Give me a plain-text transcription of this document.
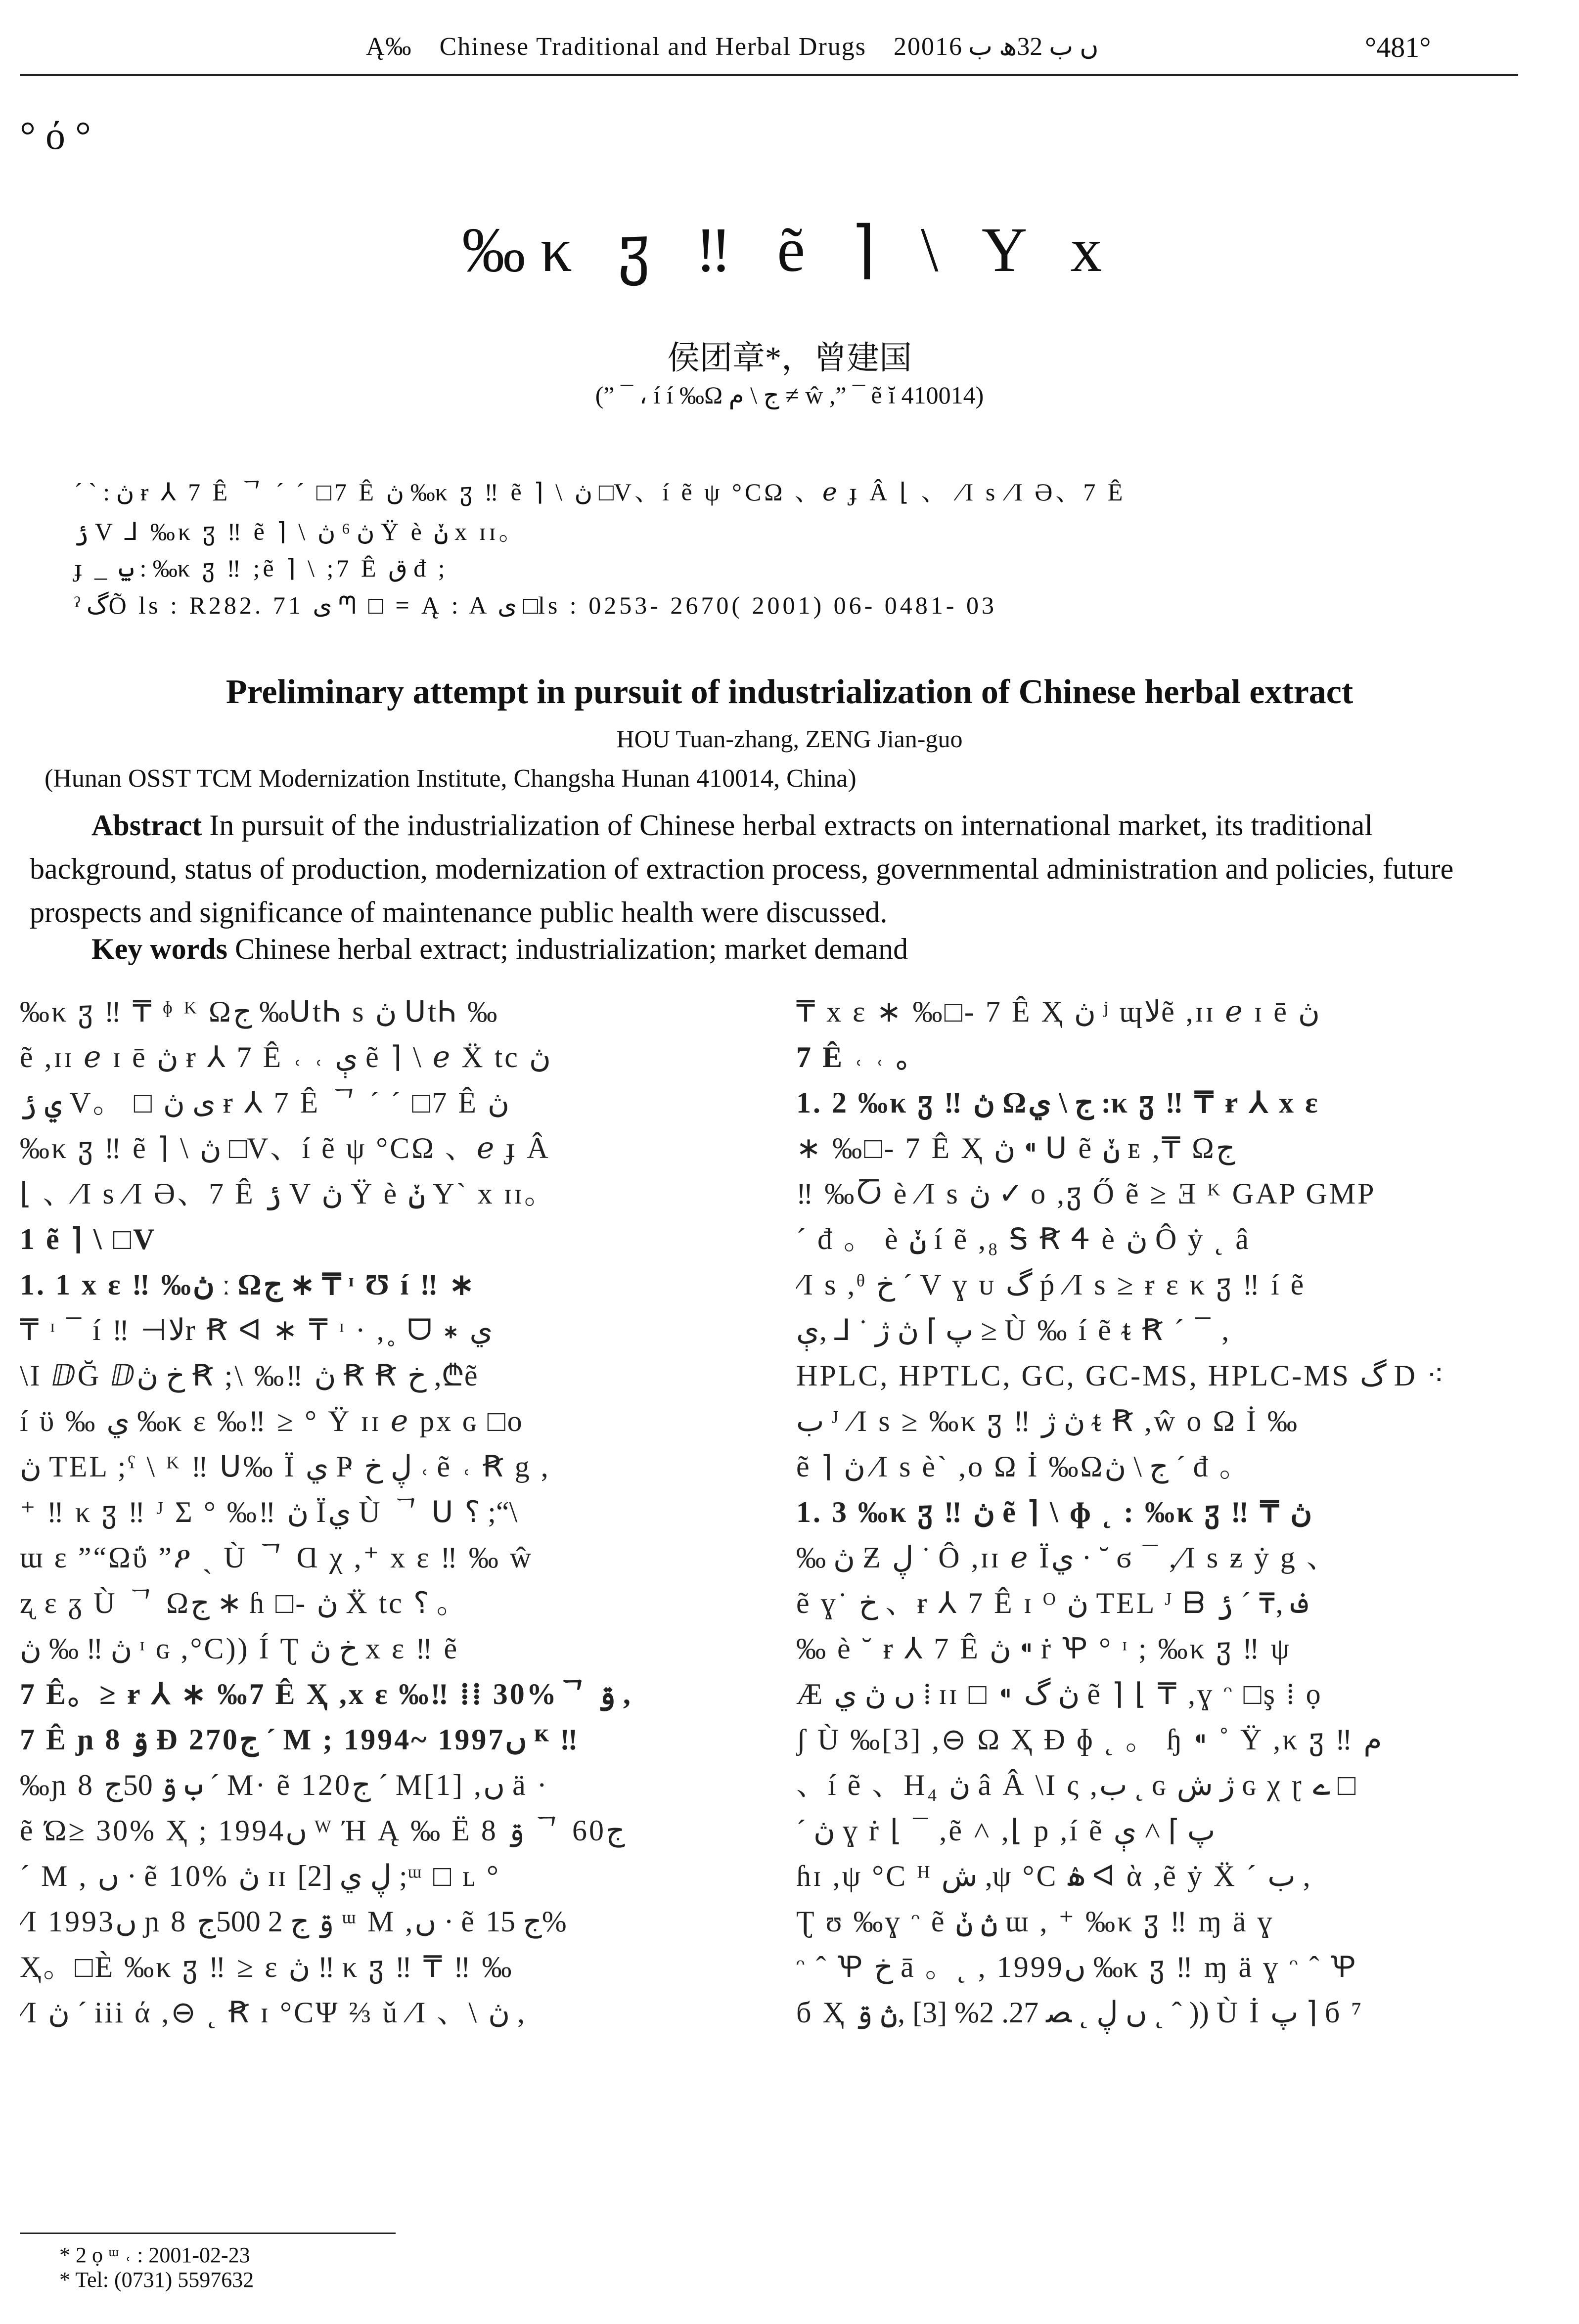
Ą‰ Chinese Traditional and Herbal Drugs 2001ں ب 32ھ ب 6	°481°
° ό °
‰κ ჳ ‼ ẽ ⌉ \ Y x
侯团章*，曾建国
(” ¯ ، í í ‰Ω ج \ م ≠ ŵ ,” ¯ ẽ ĭ 410014)
ˊ ˋ : ڽ ɍ ⅄ 7 Ê ᄀ ˊ ˊ □7 Ê ڽ ‰κ ჳ ‼ ẽ ⌉ \ ڽ □V、í ẽ ψ °CΩ 、ℯ ɟ Â ⌊ 、 ⁄I s ⁄I Ә、7 Ê
ݬ V ⅃ ‰κ ჳ ‼ ẽ ⌉ \ ڽ ⁶ ڽ Ÿ è ݩ x ɪɪ。
ɟ _ ݐ : ‰κ ჳ ‼ ;ẽ ⌉ \ ;7 Ê ق đ ;
ˀ گÕ ls : R282. 71 ى ᘉ □ = Ą : A ى □ls : 0253- 2670( 2001) 06- 0481- 03
Preliminary attempt in pursuit of industrialization of Chinese herbal extract
HOU Tuan-zhang, ZENG Jian-guo
(Hunan OSST TCM Modernization Institute, Changsha Hunan 410014, China)
Abstract In pursuit of the industrialization of Chinese herbal extracts on international market, its traditional background, status of production, modernization of extraction process, governmental administration and policies, future prospects and significance of maintenance public health were discussed.
Key words Chinese herbal extract; industrialization; market demand
‰κ ჳ ‼ ₸ ᶲ ᴷ Ωج ‰ՍtᏂ s ڽ ՍtᏂ ‰
ẽ ,ɪɪ ℯ ɪ ē ڽ ɍ ⅄ 7 Ê ˓ ˓ ې ẽ ⌉ \ ℯ Ẍ tc ڽ
ي ݬ V。 □ ى ڽ ɍ ⅄ 7 Ê ᄀ ˊ ˊ □7 Ê ڽ
‰κ ჳ ‼ ẽ ⌉ \ ڽ □V、í ẽ ψ °CΩ 、ℯ ɟ Â
⌊ 、⁄I s ⁄I Ә、7 Ê ݬ V ڽ Ÿ è ݩ Y` x ɪɪ。
1 ẽ ⌉ \ □V
1. 1 x ε ‼ ‰ڽ ː Ωج ∗ ₸ ᶦ Ʊ í ‼ ∗
₸ ᶦ ¯ í ‼ ⊣ﻻr Ꞧ ᐊ ∗ ₸ ᶦ · ,˳ ᗜ ∗ ي
\I ⅅĞ ⅅخ ڽ Ꞧ ;\ ‰‼ ڽ Ꞧ Ꞧ خ ,₾ẽ
í ϋ ‰ ي ‰κ ε ‰‼ ≥ ° Ÿ ɪɪ ℯ px ɢ □o
ڽ TEL ;ˁ \ ᴷ ‼ Ս‰ Ï ي Ҏ ڸ خ ˓ ẽ ˓ Ꞧ g ,
⁺ ‼ κ ჳ ‼ ᴶ Σ ° ‰‼ ڽ Ïي Ù ᄀ Ս ؟ ;“\
ɯ ε ”“Ωΰ ”ዖ ˏ Ù ᄀ Ɑ χ ,⁺ x ε ‼ ‰ ŵ
ʐ ε ᵹ Ù ᄀ Ωج ∗ ɦ □- ڽ Ẍ tc ؟ 。
ڽ ‼ ‰ ڽ ᶦ ɢ ,°C)) Í Ʈ خ ڽ x ε ‼ ẽ
7 Ê。≥ ɍ ⅄ ∗ ‰7 Ê Ҳ ,x ε ‰‼ ⁞⁞ 30%ᄀ ۊ ,
7 Ê ɲ 8 ۊ Ɖ 270ج ˊ M ; 1994~ 1997ں ᴷ ‼
‰ɲ 8 ب ۊ 50ج ˊ M· ẽ 120ج ˊ M[1] ,ں ä ·
ẽ Ώ≥ 30% Ҳ ; 1994ں ᵂ Ή Ą ‰ Ë 8 ۊ ᄀ 60ج
ˊ M , ں · ẽ 10% ڽ ɪɪ ڸ ي [2] ;ᵚ □ ʟ °
⁄I 1993ں ɲ 8 ۊ ج 2 500ج ᵚ M ,ں · ẽ ج 15%
Ҳ。□È ‰κ ჳ ‼ ≥ ɛ ڽ ‼ κ ჳ ‼ ₸ ‼ ‰
⁄I ڽ ˊ iii ά ,⊖ ˛ Ꞧ ɪ °CΨ ⅔ ǔ ⁄I 、\ ڽ ,
₸ x ε ∗ ‰□- 7 Ê Ҳ ڽ ʲ ɰﻻẽ ,ɪɪ ℯ ɪ ē ڽ
7 Ê ˓ ˓ 。
1. 2 ‰κ ჳ ‼ ڽ Ωج \ ي :κ ჳ ‼ ₸ ɍ ⅄ x ε
∗ ‰□- 7 Ê Ҳ ڽ ⁌ Ս ẽ ݩ ᴇ ,₸ Ωج
‼ ‰Ⴀ è ⁄I s ڽ ✓ o ,ჳ Ő ẽ ≥ Ǝ ᴷ GAP GMP
ˊ đ 。 è ݩ í ẽ ,₈ Ꭶ Ꞧ Ꮞ è ڽ Ô ẏ ˛ â
⁄I s ,ᶿ خ ˊ V ɣ ᴜ گ ṕ ⁄I s ≥ ɍ ɛ κ ჳ ‼ í ẽ
پ ⌉ ڽ ژ ˙ ⅃ ,ې ≥ Ù ‰ í ẽ ᵵ Ꞧ ˊ ¯ ,
HPLC, HPTLC, GC, GC-MS, HPLC-MS گ D ⁖
ب ᴶ ⁄I s ≥ ‰κ ჳ ‼ ڽ ژ ᵵ Ꞧ ,ŵ o Ω İ ‰
ẽ ⌉ ڽ ⁄I s è` ,o Ω İ ‰Ωج \ ڽ ˊ đ 。
1. 3 ‰κ ჳ ‼ ڽ ẽ ⌉ \ ɸ ˛ : ‰κ ჳ ‼ ₸ ڽ
‰ ڽ Ƶ ڸ ˙ Ô ,ɪɪ ℯ Ïي · ˘ ϭ ¯ ,⁄I s ƶ ẏ g 、
ẽ ɣ˙ خ 、ɍ ⅄ 7 Ê ɪ ᴼ ڽ TEL ᴶ ᗷ ف ,₸ ˊ ݬ
‰ è ˘ ɍ ⅄ 7 Ê ڽ ⁌ ṙ Ꝕ ° ᶦ ; ‰κ ჳ ‼ ψ
Æ ں ڽ ي ⁞ ɪɪ □ ⁌ ڽ گ ẽ ⌉ ⌊ ₸ ,ɣ ᵔ □ş ⁞ ọ
ʃ Ù ‰[3] ,⊖ Ω Ҳ Ɖ ɸ ˛ 。 ɧ ⁌ ˚ Ÿ ,κ ჳ ‼ م
、í ẽ 、H₄ ڽ â Â \I ς ,ب ˛ ɢ ژ ش ɢ χ ɽ ے □
ˊ ڽ ɣ ṙ ⌊ ¯ ,ẽ ˄ ,⌊ p ,í ẽ پ ⌉ ˄ ې
ɦɪ ,ψ °C ᴴ ش ,ψ °C ۿ ᐊ ὰ ,ẽ ẏ Ẍ ˊ ب ,
Ʈ ʊ ‰ɣ ᵔ ẽ ڽ ݩ ɯ , ⁺ ‰κ ჳ ‼ ɱ ä ɣ
ᵔ ˆ Ꝕ خ ā 。˛ , 1999ں ‰κ ჳ ‼ ɱ ä ɣ ᵔ ˆ Ꝕ
б Ҳ ں ڸ ˛ ﺼ 27. 2% [3] ,ڽ ۊ ˛ ˆ )) Ù İ پ ⌉ б ⁷
* 2 ọ ᵚ ˓ : 2001-02-23
* Tel: (0731) 5597632
